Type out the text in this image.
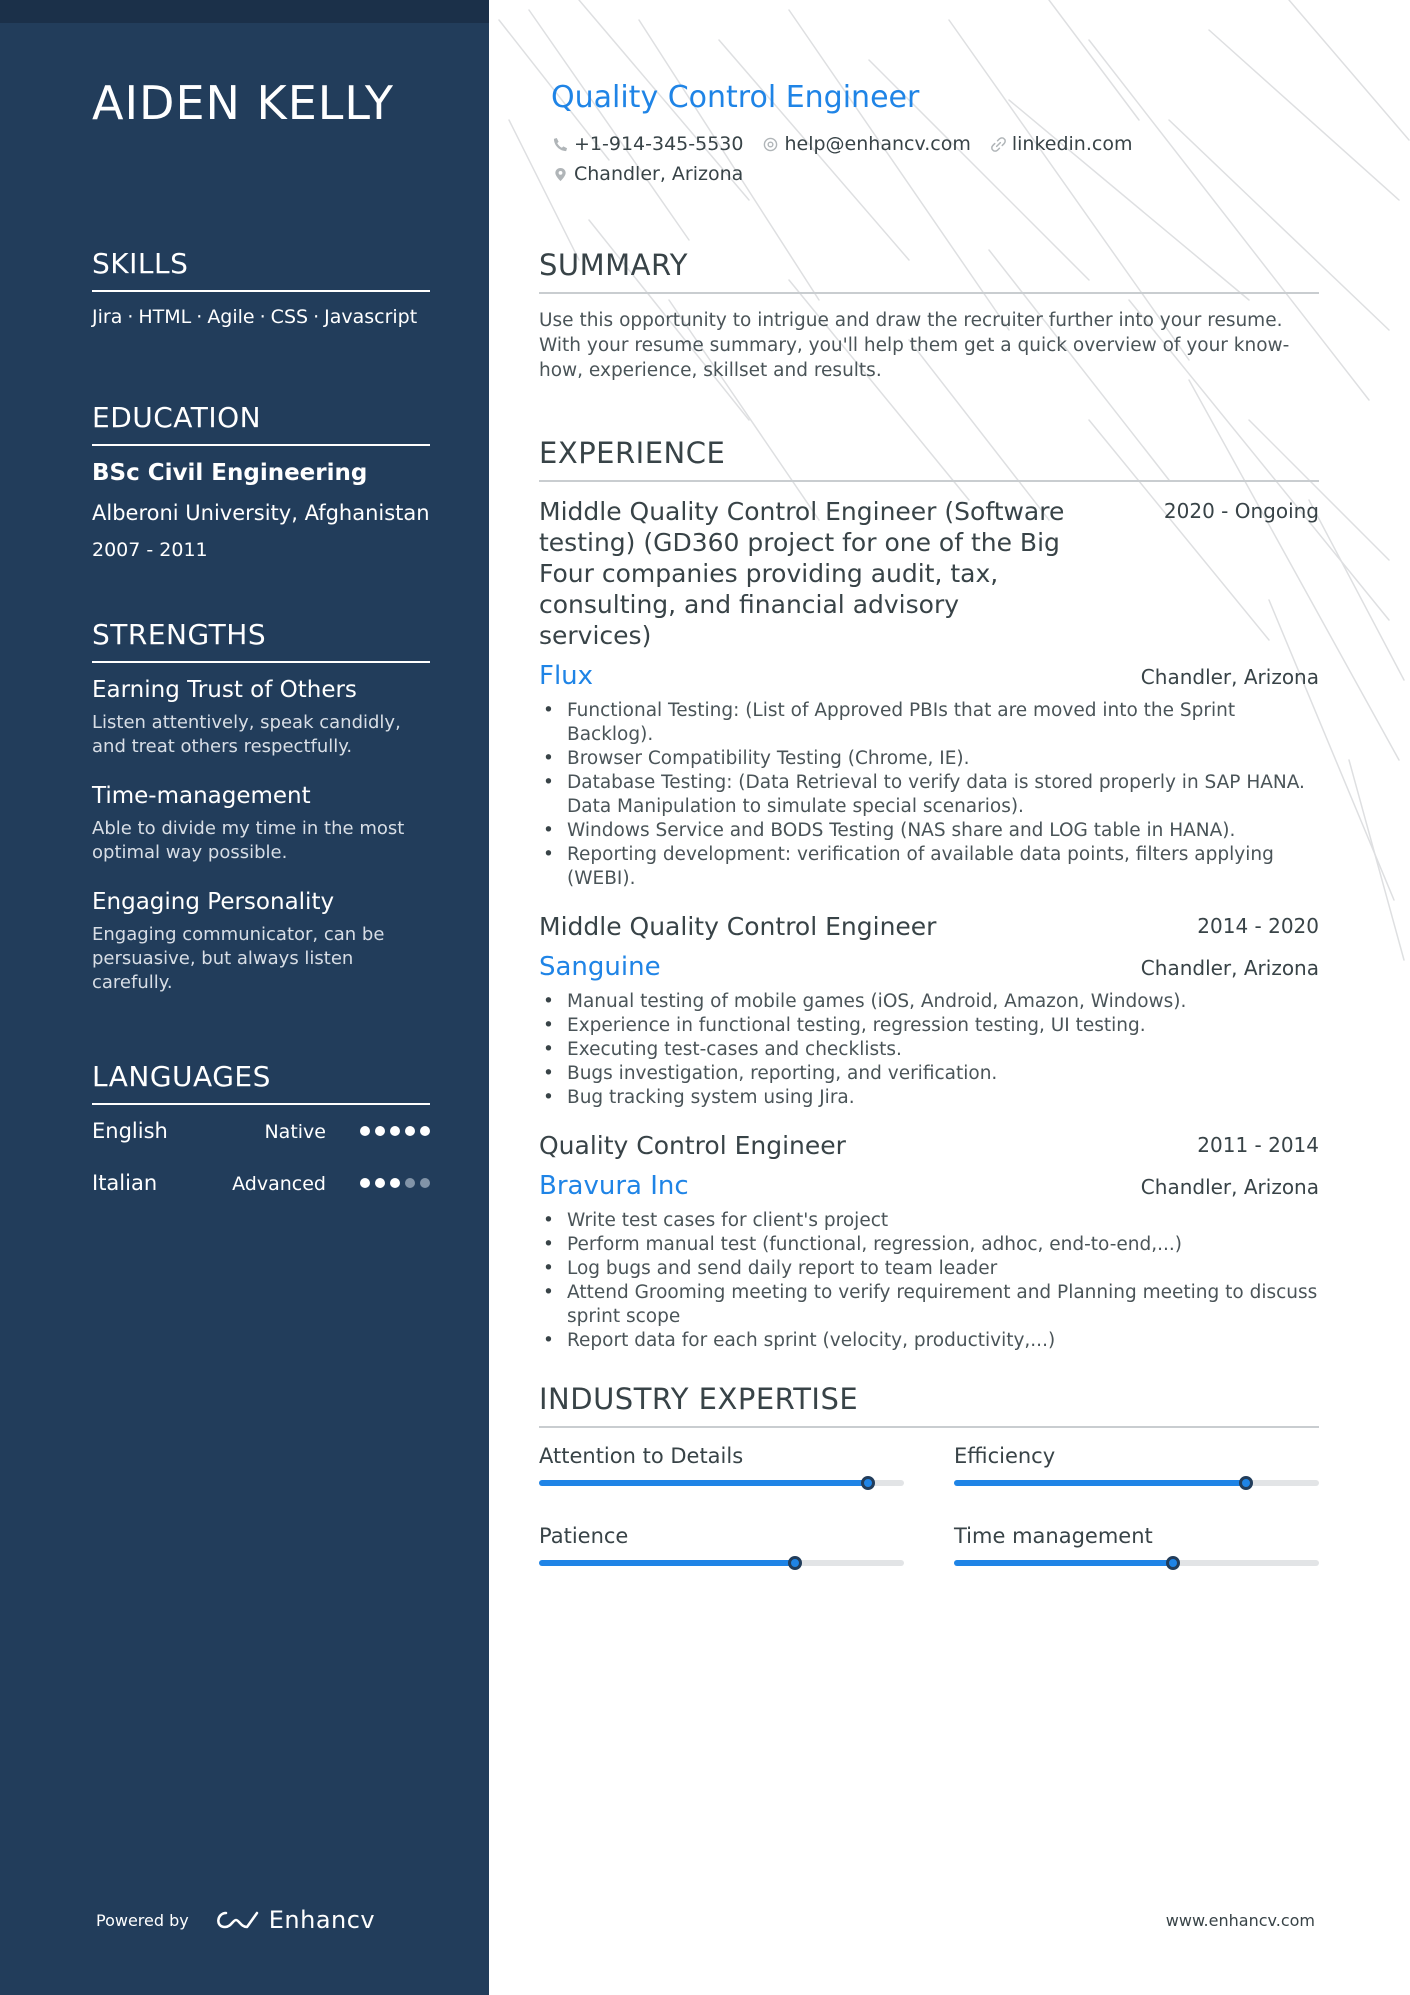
AIDEN KELLY
SKILLS
Jira · HTML · Agile · CSS · Javascript
EDUCATION
BSc Civil Engineering
Alberoni University, Afghanistan
2007 - 2011
STRENGTHS
Earning Trust of Others
Listen attentively, speak candidly, and treat others respectfully.
Time-management
Able to divide my time in the most optimal way possible.
Engaging Personality
Engaging communicator, can be persuasive, but always listen carefully.
LANGUAGES
English	Native
Italian	Advanced
Powered by	Enhancv
Quality Control Engineer
+1-914-345-5530 help@enhancv.com linkedin.com
Chandler, Arizona
SUMMARY

Use this opportunity to intrigue and draw the recruiter further into your resume. With your resume summary, you'll help them get a quick overview of your know-how, experience, skillset and results.

EXPERIENCE
Middle Quality Control Engineer (Software testing) (GD360 project for one of the Big Four companies providing audit, tax, consulting, and financial advisory services)
2020 - Ongoing
Flux	Chandler, Arizona
• Functional Testing: (List of Approved PBIs that are moved into the Sprint Backlog).
• Browser Compatibility Testing (Chrome, IE).
• Database Testing: (Data Retrieval to verify data is stored properly in SAP HANA. Data Manipulation to simulate special scenarios).
• Windows Service and BODS Testing (NAS share and LOG table in HANA).
• Reporting development: verification of available data points, filters applying (WEBI).
Middle Quality Control Engineer	2014 - 2020
Sanguine	Chandler, Arizona
• Manual testing of mobile games (iOS, Android, Amazon, Windows).
• Experience in functional testing, regression testing, UI testing.
• Executing test-cases and checklists.
• Bugs investigation, reporting, and verification.
• Bug tracking system using Jira.
Quality Control Engineer	2011 - 2014
Bravura Inc	Chandler, Arizona
• Write test cases for client's project
• Perform manual test (functional, regression, adhoc, end-to-end,...)
• Log bugs and send daily report to team leader
• Attend Grooming meeting to verify requirement and Planning meeting to discuss sprint scope
• Report data for each sprint (velocity, productivity,...)
INDUSTRY EXPERTISE
Attention to Details	Efficiency
Patience	Time management
www.enhancv.com
